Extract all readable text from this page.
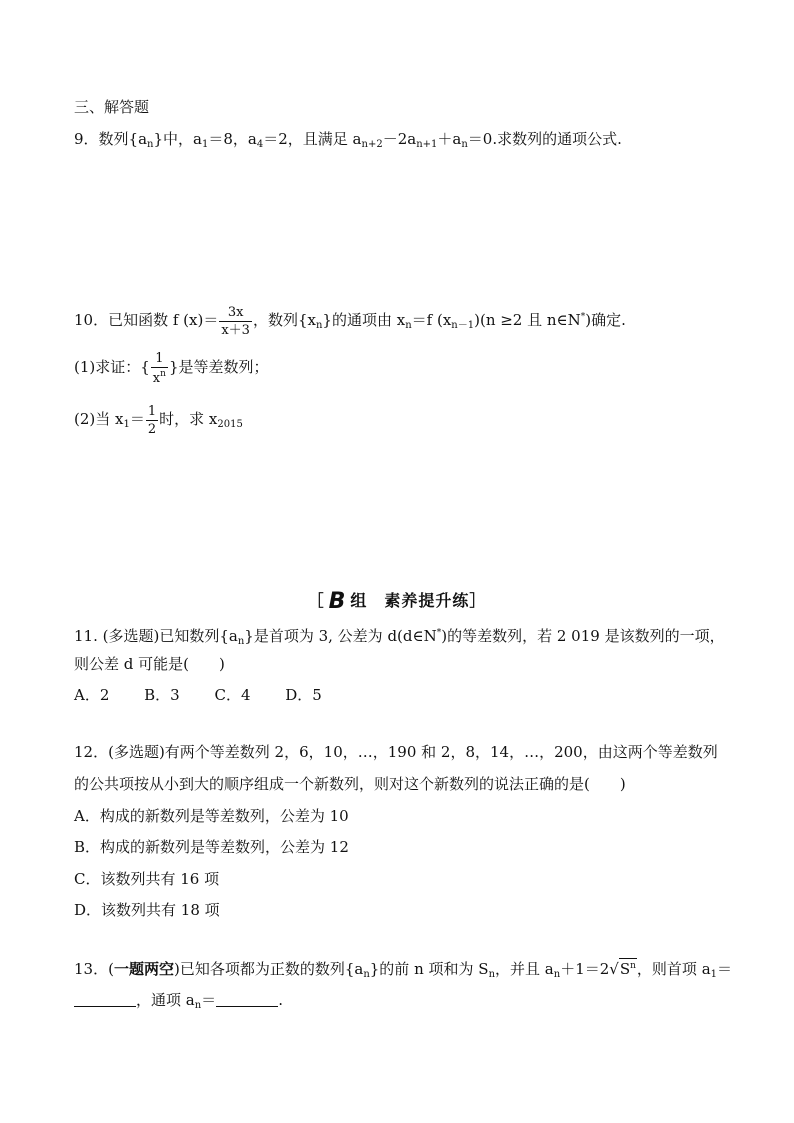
三、解答题
9．数列$\{a_n\}$中，$a_1=8$，$a_4=2$，且满足 $a_{n+2}-2a_{n+1}+a_n=0$.求数列的通项公式.
10．已知函数 f $(x)= \frac{3x}{x+3}$ ，数列$\{x_n\}$的通项由 $x_n=f$ $(x_{n-1})(n \ge 2$ 且 n∈N*)确定.
(1)求证：{ $\frac{1}{x^n}$ }是等差数列；
(2)当 $x_1= \frac{1}{2}$ 时，求 $x_{2015}$
［ B 组　 素养提升练］
11. (多选题)已知数列$\{a_n\}$是首项为 3, 公差为 d(d∈N*)的等差数列，若 2 019 是该数列的一项，
则公差 d 可能是(　　)
A．2　　 B．3　　 C．4　　 D．5
12．(多选题)有两个等差数列 2，6，10，…，190 和 2，8，14，…，200，由这两个等差数列
的公共项按从小到大的顺序组成一个新数列，则对这个新数列的说法正确的是(　　)
A．构成的新数列是等差数列，公差为 10
B．构成的新数列是等差数列，公差为 12
C．该数列共有 16 项
D．该数列共有 18 项
13．(一题两空)已知各项都为正数的数列$\{a_n\}$的前 n 项和为 $S_n$，并且 $a_n+1=2√S^n$，则首项 $a_1=$
，通项 $a_n=$	.
